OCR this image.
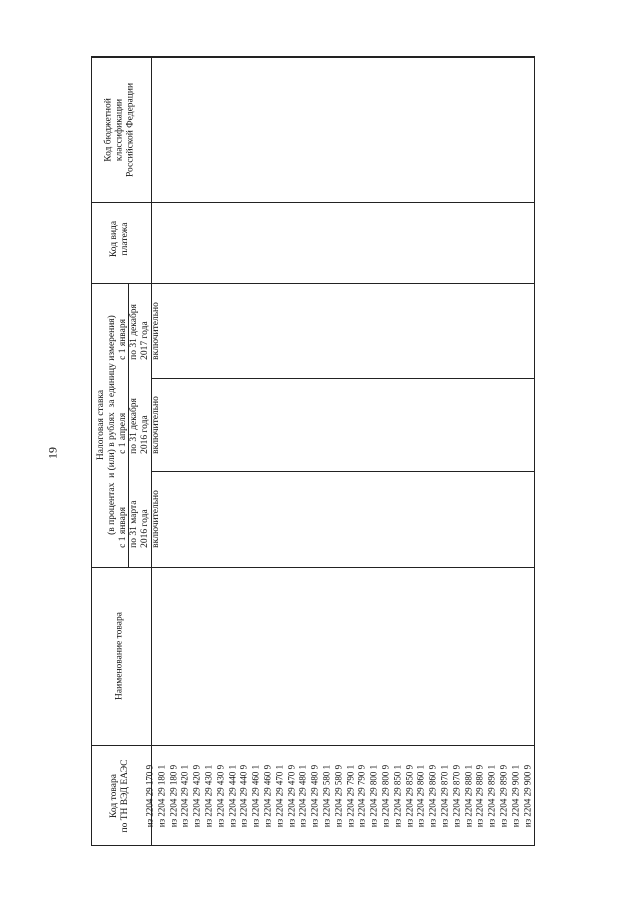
19
Код бюджетной
классификации
Российской Федерации
Код вида
платежа
Налоговая ставка
(в процентах  и (или) в рублях  за единицу измерения) с 1 января
по 31 декабря
2017 года
включительно
с 1 апреля
по 31 декабря
2016 года
включительно
с 1 января
по 31 марта
2016 года
включительно
Наименование товара
Код товара
по ТН ВЭД ЕАЭС из 2204 29 170 9 из 2204 29 180 1 из 2204 29 180 9 из 2204 29 420 1 из 2204 29 420 9 из 2204 29 430 1 из 2204 29 430 9 из 2204 29 440 1 из 2204 29 440 9 из 2204 29 460 1 из 2204 29 460 9 из 2204 29 470 1 из 2204 29 470 9 из 2204 29 480 1 из 2204 29 480 9 из 2204 29 580 1 из 2204 29 580 9 из 2204 29 790 1 из 2204 29 790 9 из 2204 29 800 1 из 2204 29 800 9 из 2204 29 850 1 из 2204 29 850 9 из 2204 29 860 1 из 2204 29 860 9 из 2204 29 870 1 из 2204 29 870 9 из 2204 29 880 1 из 2204 29 880 9 из 2204 29 890 1 из 2204 29 890 9 из 2204 29 900 1 из 2204 29 900 9
